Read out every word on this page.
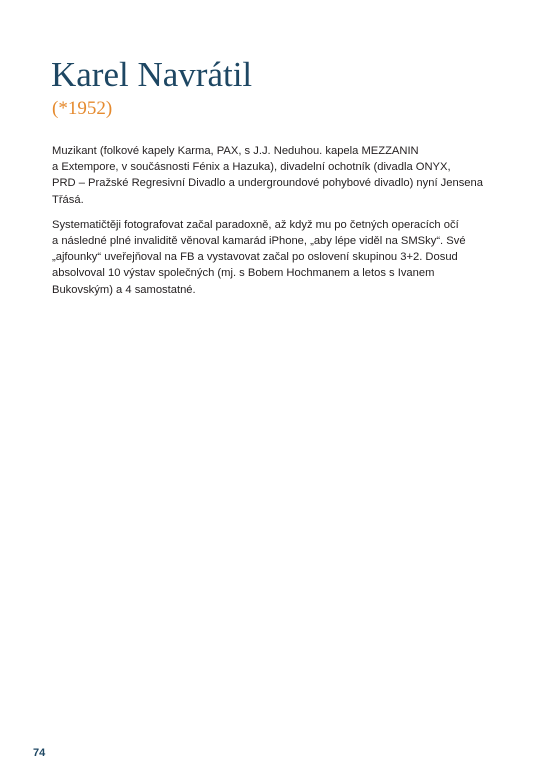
Karel Navrátil
(*1952)

Muzikant (folkové kapely Karma, PAX, s J.J. Neduhou. kapela MEZZANIN
a Extempore, v součásnosti Fénix a Hazuka), divadelní ochotník (divadla ONYX,
PRD – Pražské Regresivní Divadlo a undergroundové pohybové divadlo) nyní Jensena
Třásá.

Systematičtěji fotografovat začal paradoxně, až když mu po četných operacích očí
a následné plné invaliditě věnoval kamarád iPhone, „aby lépe viděl na SMSky“. Své
„ajfounky“ uveřejňoval na FB a vystavovat začal po oslovení skupinou 3+2. Dosud
absolvoval 10 výstav společných (mj. s Bobem Hochmanem a letos s Ivanem
Bukovským) a 4 samostatné.

74
